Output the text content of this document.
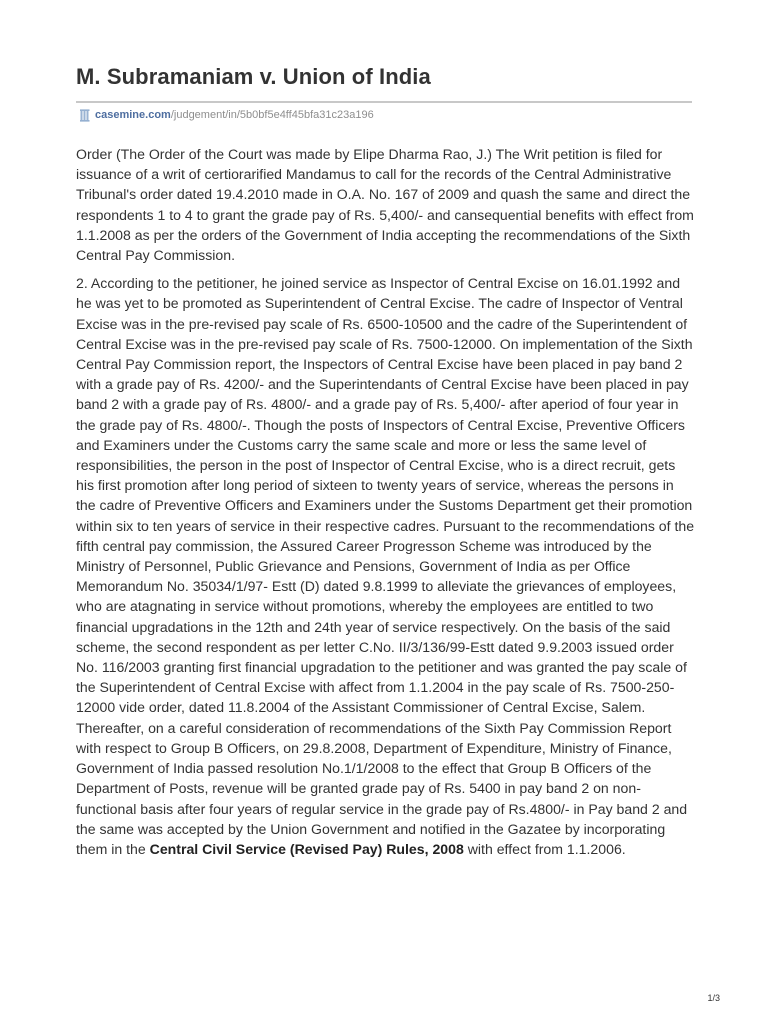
M. Subramaniam v. Union of India
casemine.com /judgement/in/5b0bf5e4ff45bfa31c23a196

Order (The Order of the Court was made by Elipe Dharma Rao, J.) The Writ petition is filed for issuance of a writ of certiorarified Mandamus to call for the records of the Central Administrative Tribunal's order dated 19.4.2010 made in O.A. No. 167 of 2009 and quash the same and direct the respondents 1 to 4 to grant the grade pay of Rs. 5,400/- and cansequential benefits with effect from 1.1.2008 as per the orders of the Government of India accepting the recommendations of the Sixth Central Pay Commission.

2. According to the petitioner, he joined service as Inspector of Central Excise on 16.01.1992 and he was yet to be promoted as Superintendent of Central Excise. The cadre of Inspector of Ventral Excise was in the pre-revised pay scale of Rs. 6500-10500 and the cadre of the Superintendent of Central Excise was in the pre-revised pay scale of Rs. 7500-12000. On implementation of the Sixth Central Pay Commission report, the Inspectors of Central Excise have been placed in pay band 2 with a grade pay of Rs. 4200/- and the Superintendants of Central Excise have been placed in pay band 2 with a grade pay of Rs. 4800/- and a grade pay of Rs. 5,400/- after aperiod of four year in the grade pay of Rs. 4800/-. Though the posts of Inspectors of Central Excise, Preventive Officers and Examiners under the Customs carry the same scale and more or less the same level of responsibilities, the person in the post of Inspector of Central Excise, who is a direct recruit, gets his first promotion after long period of sixteen to twenty years of service, whereas the persons in the cadre of Preventive Officers and Examiners under the Sustoms Department get their promotion within six to ten years of service in their respective cadres. Pursuant to the recommendations of the fifth central pay commission, the Assured Career Progresson Scheme was introduced by the Ministry of Personnel, Public Grievance and Pensions, Government of India as per Office Memorandum No. 35034/1/97- Estt (D) dated 9.8.1999 to alleviate the grievances of employees, who are atagnating in service without promotions, whereby the employees are entitled to two financial upgradations in the 12th and 24th year of service respectively. On the basis of the said scheme, the second respondent as per letter C.No. II/3/136/99-Estt dated 9.9.2003 issued order No. 116/2003 granting first financial upgradation to the petitioner and was granted the pay scale of the Superintendent of Central Excise with affect from 1.1.2004 in the pay scale of Rs. 7500-250-12000 vide order, dated 11.8.2004 of the Assistant Commissioner of Central Excise, Salem. Thereafter, on a careful consideration of recommendations of the Sixth Pay Commission Report with respect to Group B Officers, on 29.8.2008, Department of Expenditure, Ministry of Finance, Government of India passed resolution No.1/1/2008 to the effect that Group B Officers of the Department of Posts, revenue will be granted grade pay of Rs. 5400 in pay band 2 on non-functional basis after four years of regular service in the grade pay of Rs.4800/- in Pay band 2 and the same was accepted by the Union Government and notified in the Gazatee by incorporating them in the Central Civil Service (Revised Pay) Rules, 2008 with effect from 1.1.2006.

1/3
